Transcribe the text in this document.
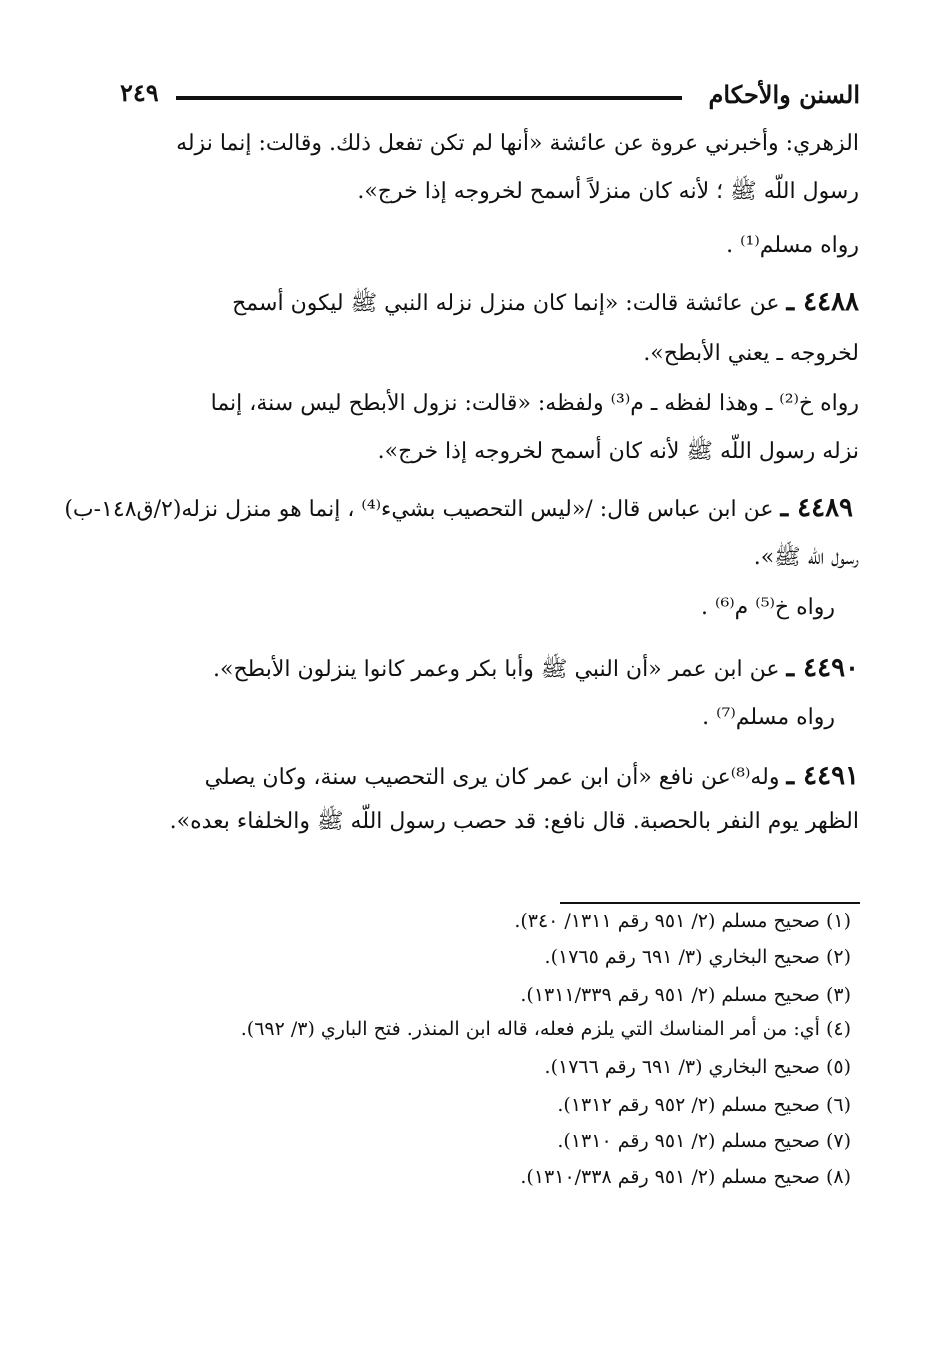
السنن والأحكام
٢٤٩
الزهري: وأخبرني عروة عن عائشة «أنها لم تكن تفعل ذلك. وقالت: إنما نزله
رسول اللّه ﷺ ؛ لأنه كان منزلاً أسمح لخروجه إذا خرج».
رواه مسلم⁽¹⁾ .
٤٤٨٨ ـ عن عائشة قالت: «إنما كان منزل نزله النبي ﷺ ليكون أسمح
لخروجه ـ يعني الأبطح».
رواه خ⁽²⁾ ـ وهذا لفظه ـ م⁽³⁾ ولفظه: «قالت: نزول الأبطح ليس سنة، إنما
نزله رسول اللّه ﷺ لأنه كان أسمح لخروجه إذا خرج».
٤٤٨٩ ـ عن ابن عباس قال: /«ليس التحصيب بشيء⁽⁴⁾ ، إنما هو منزل نزله(٢/ق١٤٨-ب)
رسول اللّه ﷺ».
رواه خ⁽⁵⁾ م⁽⁶⁾ .
٤٤٩٠ ـ عن ابن عمر «أن النبي ﷺ وأبا بكر وعمر كانوا ينزلون الأبطح».
رواه مسلم⁽⁷⁾ .
٤٤٩١ ـ وله⁽⁸⁾عن نافع «أن ابن عمر كان يرى التحصيب سنة، وكان يصلي
الظهر يوم النفر بالحصبة. قال نافع: قد حصب رسول اللّه ﷺ والخلفاء بعده».
(١) صحيح مسلم (٢/ ٩٥١ رقم ١٣١١/ ٣٤٠).
(٢) صحيح البخاري (٣/ ٦٩١ رقم ١٧٦٥).
(٣) صحيح مسلم (٢/ ٩٥١ رقم ١٣١١/٣٣٩).
(٤) أي: من أمر المناسك التي يلزم فعله، قاله ابن المنذر. فتح الباري (٣/ ٦٩٢).
(٥) صحيح البخاري (٣/ ٦٩١ رقم ١٧٦٦).
(٦) صحيح مسلم (٢/ ٩٥٢ رقم ١٣١٢).
(٧) صحيح مسلم (٢/ ٩٥١ رقم ١٣١٠).
(٨) صحيح مسلم (٢/ ٩٥١ رقم ١٣١٠/٣٣٨).
